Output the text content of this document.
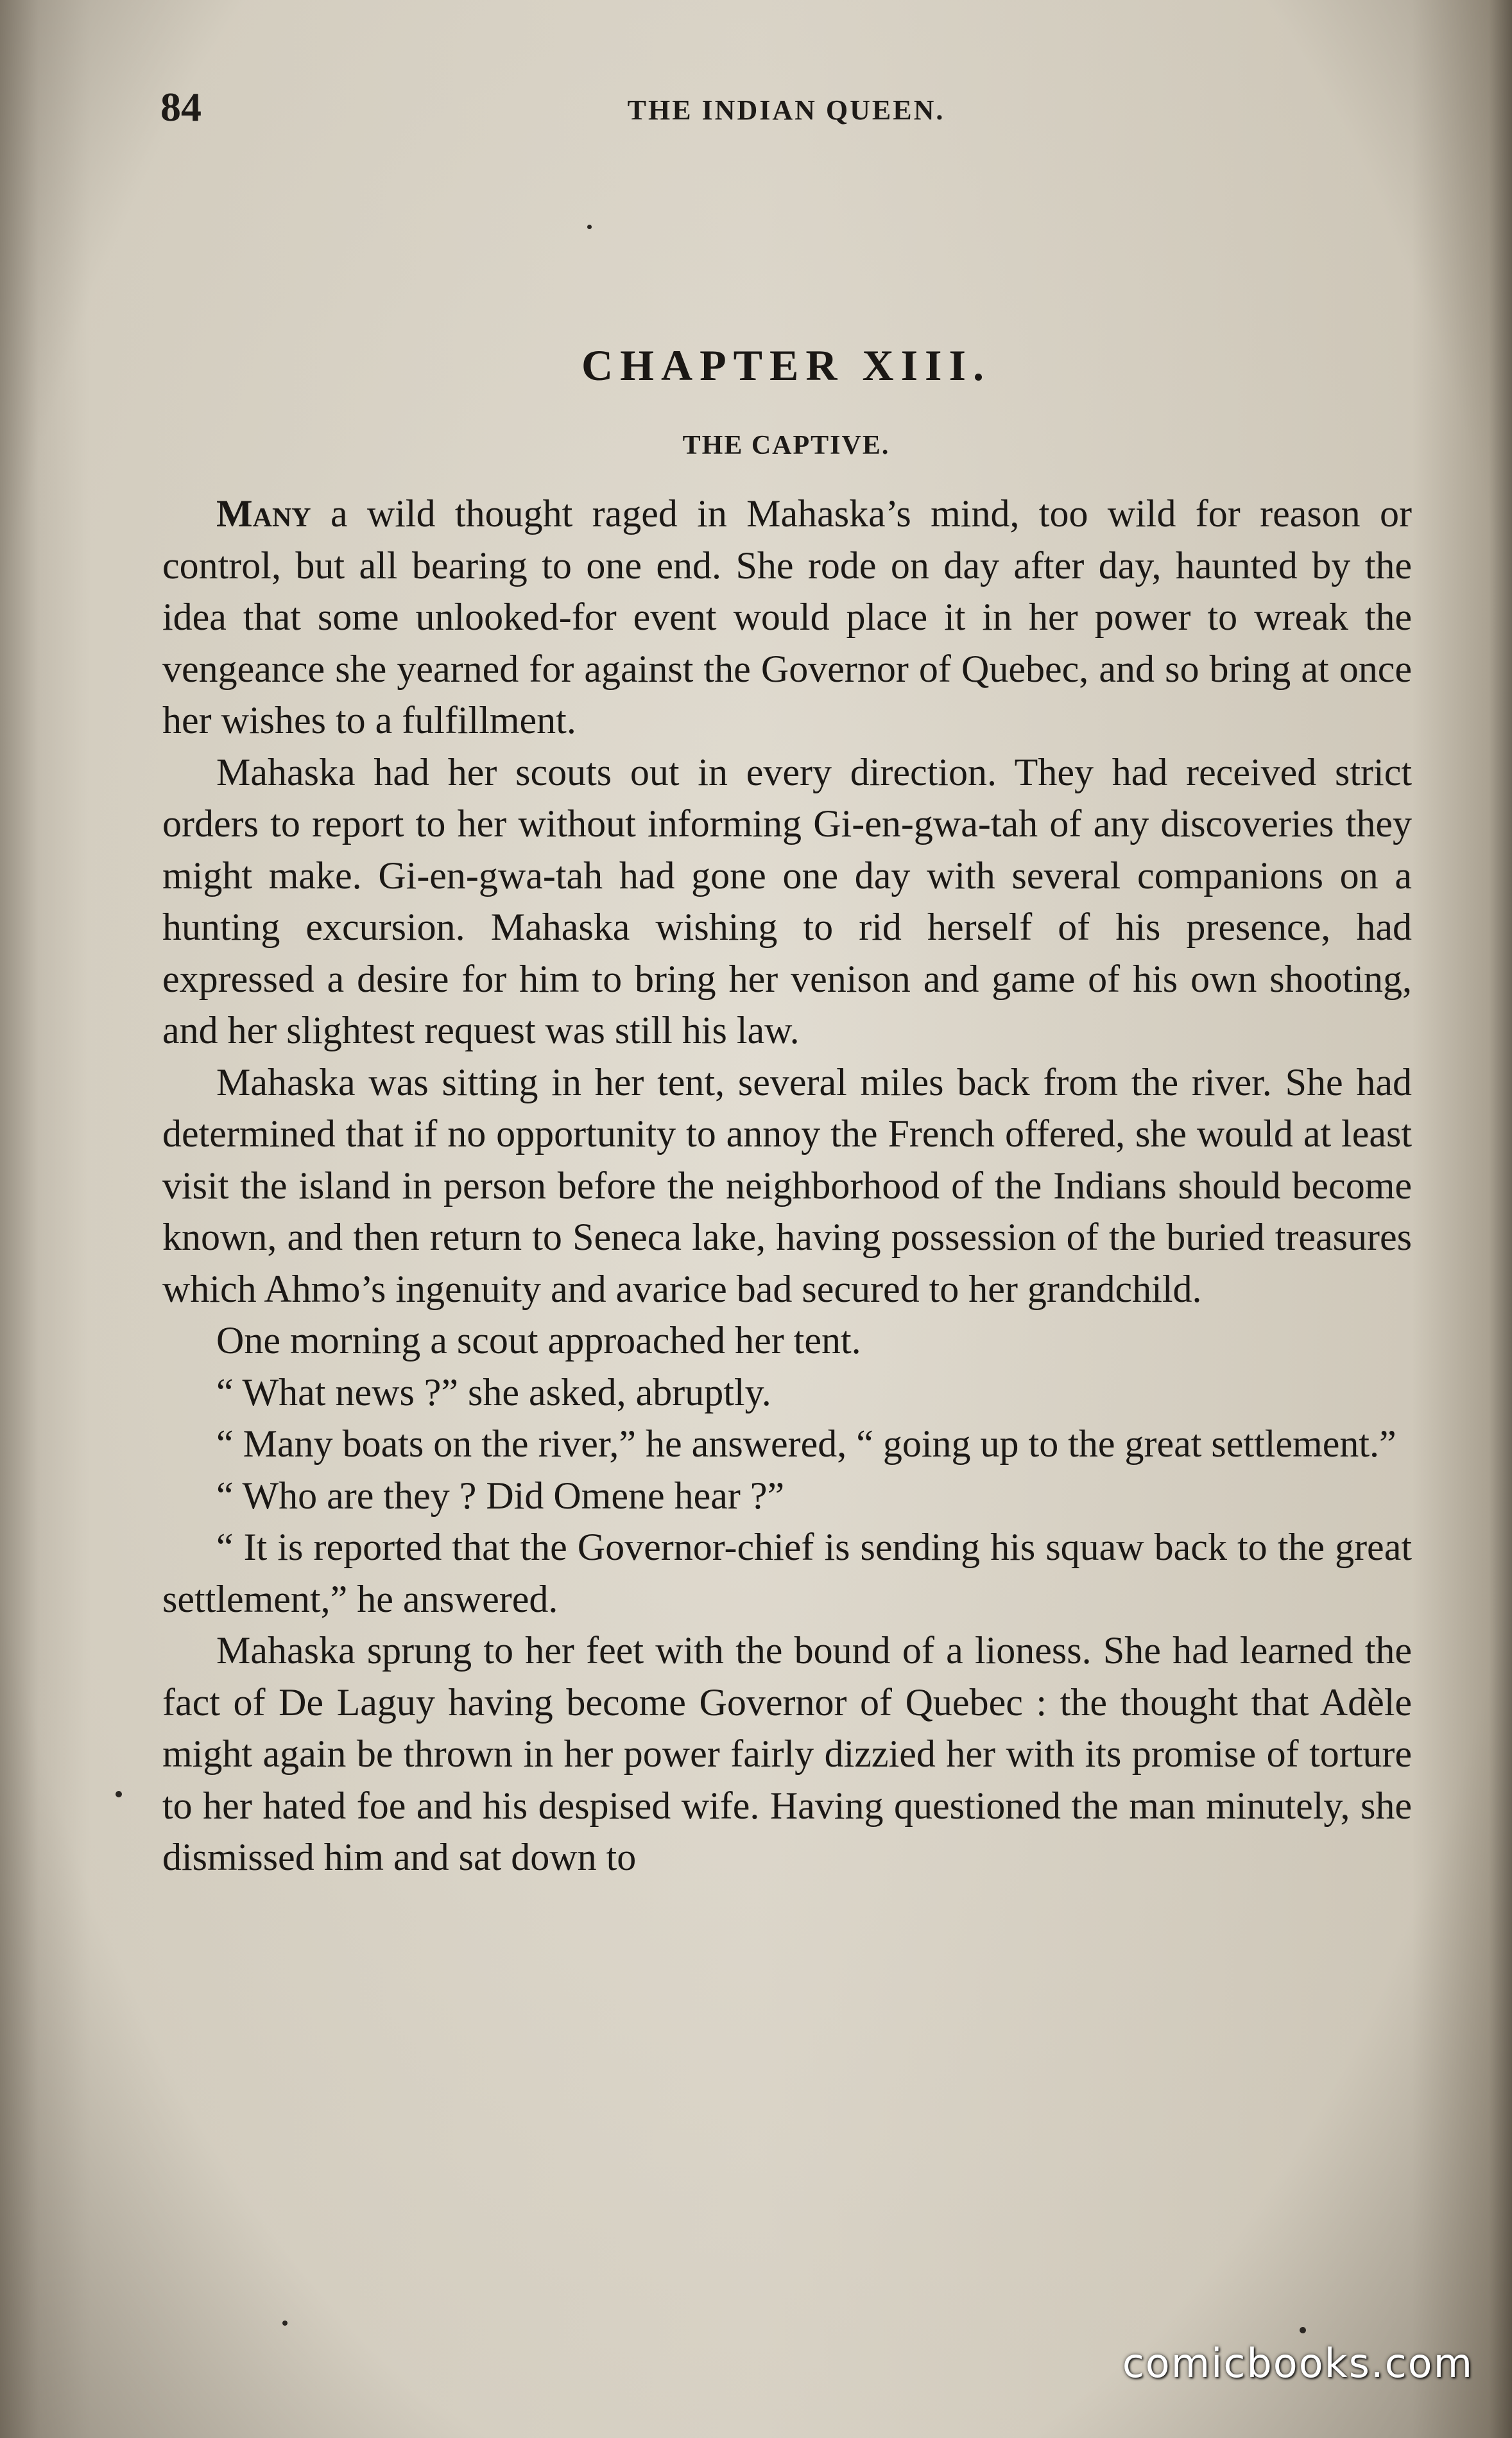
84	THE INDIAN QUEEN.
CHAPTER XIII.
THE CAPTIVE.

Many a wild thought raged in Mahaska’s mind, too wild for reason or control, but all bearing to one end. She rode on day after day, haunted by the idea that some unlooked-for event would place it in her power to wreak the vengeance she yearned for against the Governor of Quebec, and so bring at once her wishes to a fulfillment.

Mahaska had her scouts out in every direction. They had received strict orders to report to her without informing Gi-en-gwa-tah of any discoveries they might make. Gi-en-gwa-tah had gone one day with several companions on a hunting excursion. Mahaska wishing to rid herself of his presence, had expressed a desire for him to bring her venison and game of his own shooting, and her slightest request was still his law.

Mahaska was sitting in her tent, several miles back from the river. She had determined that if no opportunity to annoy the French offered, she would at least visit the island in person before the neighborhood of the Indians should become known, and then return to Seneca lake, having possession of the buried treasures which Ahmo’s ingenuity and avarice bad secured to her grandchild.

One morning a scout approached her tent.

“ What news ?” she asked, abruptly.

“ Many boats on the river,” he answered, “ going up to the great settlement.”

“ Who are they ? Did Omene hear ?”

“ It is reported that the Governor-chief is sending his squaw back to the great settlement,” he answered.

Mahaska sprung to her feet with the bound of a lioness. She had learned the fact of De Laguy having become Governor of Quebec : the thought that Adèle might again be thrown in her power fairly dizzied her with its promise of torture to her hated foe and his despised wife. Having questioned the man minutely, she dismissed him and sat down to

comicbooks.com
